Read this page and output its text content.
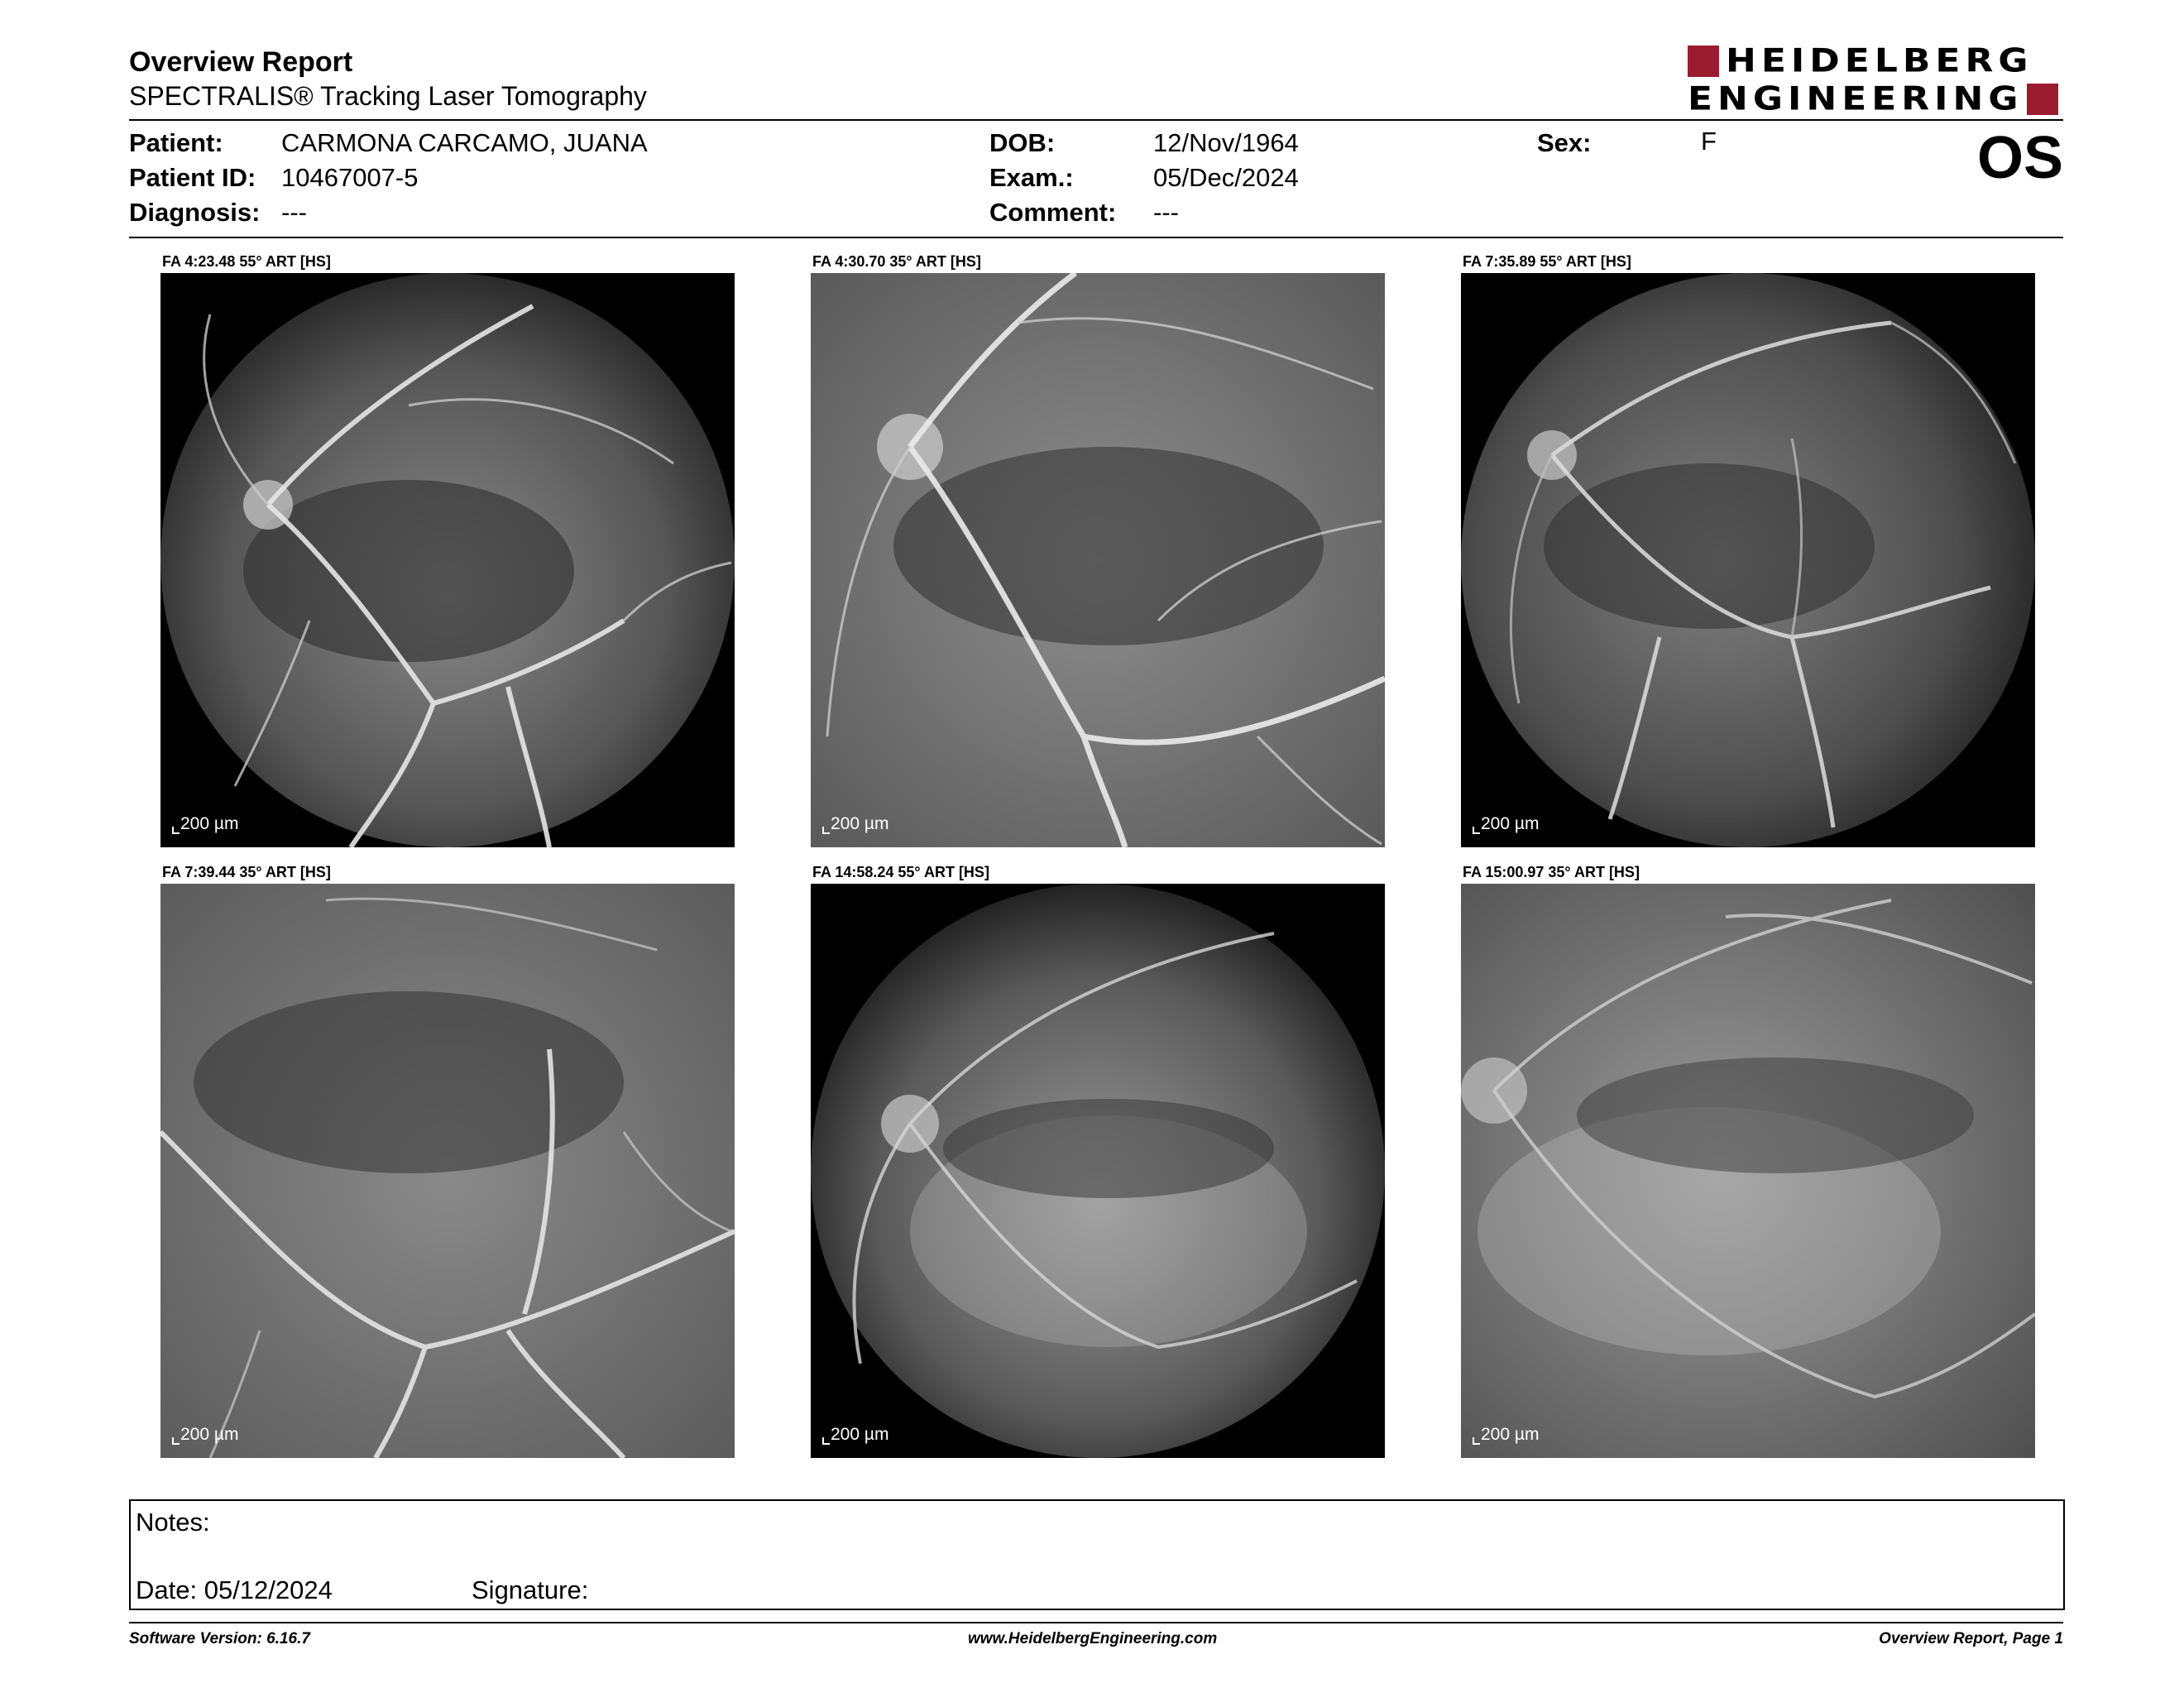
Overview Report
SPECTRALIS® Tracking Laser Tomography
HEIDELBERG
ENGINEERING
Patient: CARMONA CARCAMO, JUANA
Patient ID: 10467007-5
Diagnosis: ---
DOB:	12/Nov/1964
Exam.:	05/Dec/2024
Comment: ---
Sex:	F	OS
FA 4:23.48 55° ART [HS]
200 µm
FA 4:30.70 35° ART [HS]
200 µm
FA 7:35.89 55° ART [HS]
200 µm
FA 7:39.44 35° ART [HS]
200 µm
FA 14:58.24 55° ART [HS]
200 µm
FA 15:00.97 35° ART [HS]
200 µm
Notes:
Date: 05/12/2024	Signature:
Software Version: 6.16.7	www.HeidelbergEngineering.com	Overview Report, Page 1
